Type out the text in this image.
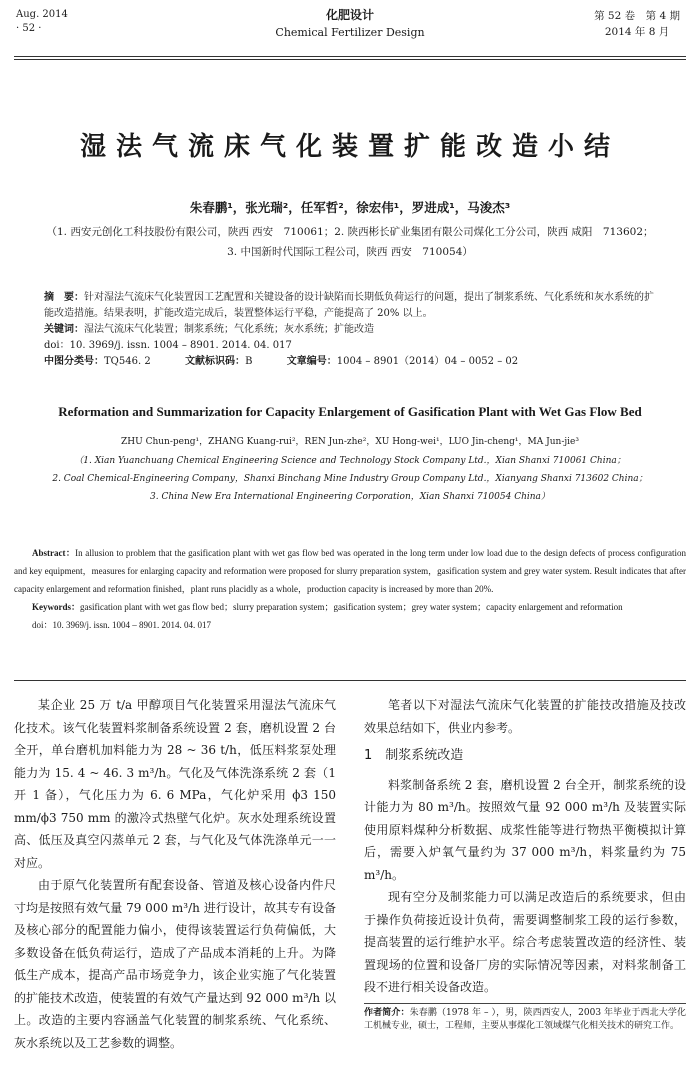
Aug. 2014
· 52 ·
化肥设计
Chemical Fertilizer Design
第 52 卷　第 4 期
2014 年 8 月
湿法气流床气化装置扩能改造小结
朱春鹏¹，张光瑞²，任军哲²，徐宏伟¹，罗进成¹，马浚杰³
（1. 西安元创化工科技股份有限公司，陕西 西安　710061；2. 陕西彬长矿业集团有限公司煤化工分公司，陕西 咸阳　713602；
3. 中国新时代国际工程公司，陕西 西安　710054）
摘　要：针对湿法气流床气化装置因工艺配置和关键设备的设计缺陷而长期低负荷运行的问题，提出了制浆系统、气化系统和灰水系统的扩能改造措施。结果表明，扩能改造完成后，装置整体运行平稳，产能提高了 20% 以上。
关键词：湿法气流床气化装置；制浆系统；气化系统；灰水系统；扩能改造
doi：10. 3969/j. issn. 1004 – 8901. 2014. 04. 017
中图分类号：TQ546. 2	文献标识码：B	文章编号：1004 – 8901（2014）04 – 0052 – 02
Reformation and Summarization for Capacity Enlargement of Gasification Plant with Wet Gas Flow Bed
ZHU Chun-peng¹，ZHANG Kuang-rui²，REN Jun-zhe²，XU Hong-wei¹，LUO Jin-cheng¹，MA Jun-jie³
（1. Xian Yuanchuang Chemical Engineering Science and Technology Stock Company Ltd.，Xian Shanxi 710061 China；
2. Coal Chemical-Engineering Company，Shanxi Binchang Mine Industry Group Company Ltd.，Xianyang Shanxi 713602 China；
3. China New Era International Engineering Corporation，Xian Shanxi 710054 China）
Abstract：In allusion to problem that the gasification plant with wet gas flow bed was operated in the long term under low load due to the design defects of process configuration and key equipment，measures for enlarging capacity and reformation were proposed for slurry preparation system，gasification system and grey water system. Result indicates that after capacity enlargement and reformation finished，plant runs placidly as a whole，production capacity is increased by more than 20%.
Keywords：gasification plant with wet gas flow bed；slurry preparation system；gasification system；grey water system；capacity enlargement and reformation
doi：10. 3969/j. issn. 1004 – 8901. 2014. 04. 017

某企业 25 万 t/a 甲醇项目气化装置采用湿法气流床气化技术。该气化装置料浆制备系统设置 2 套，磨机设置 2 台全开，单台磨机加料能力为 28 ~ 36 t/h，低压料浆泵处理能力为 15. 4 ~ 46. 3 m³/h。气化及气体洗涤系统 2 套（1 开 1 备），气化压力为 6. 6 MPa，气化炉采用 ϕ3 150 mm/ϕ3 750 mm 的激冷式热壁气化炉。灰水处理系统设置高、低压及真空闪蒸单元 2 套，与气化及气体洗涤单元一一对应。

由于原气化装置所有配套设备、管道及核心设备内件尺寸均是按照有效气量 79 000 m³/h 进行设计，故其专有设备及核心部分的配置能力偏小，使得该装置运行负荷偏低，大多数设备在低负荷运行，造成了产品成本消耗的上升。为降低生产成本，提高产品市场竞争力，该企业实施了气化装置的扩能技术改造，使装置的有效气产量达到 92 000 m³/h 以上。改造的主要内容涵盖气化装置的制浆系统、气化系统、灰水系统以及工艺参数的调整。

笔者以下对湿法气流床气化装置的扩能技改措施及技改效果总结如下，供业内参考。

1　制浆系统改造

料浆制备系统 2 套，磨机设置 2 台全开，制浆系统的设计能力为 80 m³/h。按照效气量 92 000 m³/h 及装置实际使用原料煤种分析数据、成浆性能等进行物热平衡模拟计算后，需要入炉氧气量约为 37 000 m³/h，料浆量约为 75 m³/h。

现有空分及制浆能力可以满足改造后的系统要求，但由于操作负荷接近设计负荷，需要调整制浆工段的运行参数，提高装置的运行维护水平。综合考虑装置改造的经济性、装置现场的位置和设备厂房的实际情况等因素，对料浆制备工段不进行相关设备改造。

作者简介：朱春鹏（1978 年 – ），男，陕西西安人，2003 年毕业于西北大学化工机械专业，硕士，工程师，主要从事煤化工领域煤气化相关技术的研究工作。
